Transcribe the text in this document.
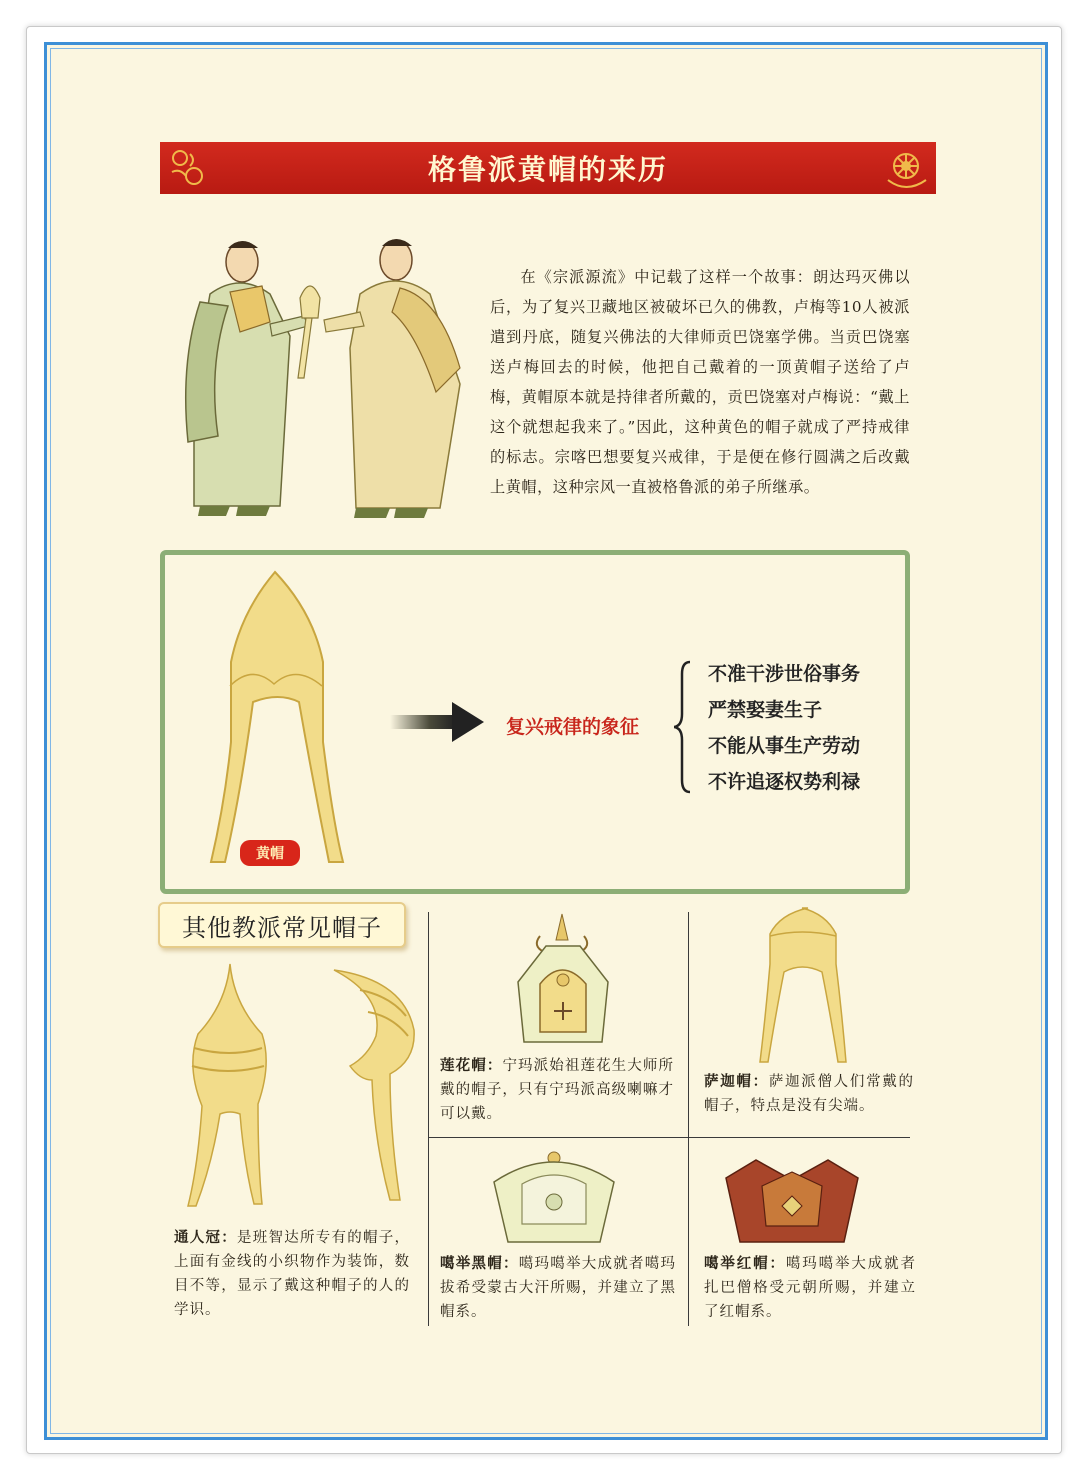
格鲁派黄帽的来历
在《宗派源流》中记载了这样一个故事：朗达玛灭佛以后，为了复兴卫藏地区被破坏已久的佛教，卢梅等10人被派遣到丹底，随复兴佛法的大律师贡巴饶塞学佛。当贡巴饶塞送卢梅回去的时候，他把自己戴着的一顶黄帽子送给了卢梅，黄帽原本就是持律者所戴的，贡巴饶塞对卢梅说：“戴上这个就想起我来了。”因此，这种黄色的帽子就成了严持戒律的标志。宗喀巴想要复兴戒律，于是便在修行圆满之后改戴上黄帽，这种宗风一直被格鲁派的弟子所继承。
黄帽
复兴戒律的象征
不准干涉世俗事务
严禁娶妻生子
不能从事生产劳动
不许追逐权势利禄
其他教派常见帽子
通人冠：是班智达所专有的帽子，上面有金线的小织物作为装饰，数目不等，显示了戴这种帽子的人的学识。
莲花帽：宁玛派始祖莲花生大师所戴的帽子，只有宁玛派高级喇嘛才可以戴。
萨迦帽：萨迦派僧人们常戴的帽子，特点是没有尖端。
噶举黑帽：噶玛噶举大成就者噶玛拔希受蒙古大汗所赐，并建立了黑帽系。
噶举红帽：噶玛噶举大成就者扎巴僧格受元朝所赐，并建立了红帽系。
